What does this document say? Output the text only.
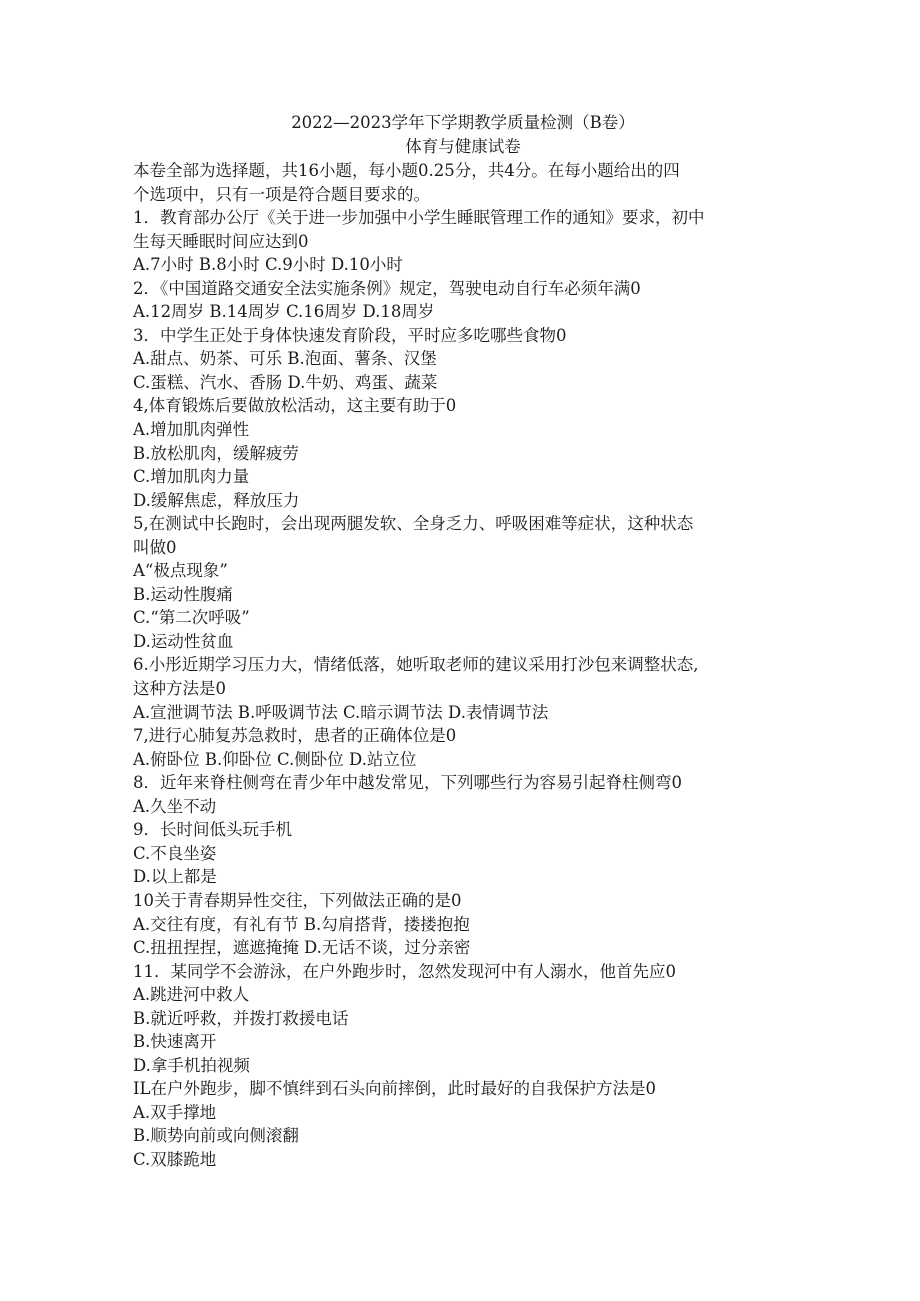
2022—2023学年下学期教学质量检测（B卷）

体育与健康试卷

本卷全部为选择题，共16小题，每小题0.25分，共4分。在每小题给出的四

个选项中，只有一项是符合题目要求的。

1．教育部办公厅《关于进一步加强中小学生睡眠管理工作的通知》要求，初中

生每天睡眠时间应达到0

A.7小时 B.8小时 C.9小时 D.10小时

2．《中国道路交通安全法实施条例》规定，驾驶电动自行车必须年满0

A.12周岁 B.14周岁 C.16周岁 D.18周岁

3．中学生正处于身体快速发育阶段，平时应多吃哪些食物0

A.甜点、奶茶、可乐 B.泡面、薯条、汉堡

C.蛋糕、汽水、香肠 D.牛奶、鸡蛋、蔬菜

4,体育锻炼后要做放松活动，这主要有助于0

A.增加肌肉弹性

B.放松肌肉，缓解疲劳

C.增加肌肉力量

D.缓解焦虑，释放压力

5,在测试中长跑时，会出现两腿发软、全身乏力、呼吸困难等症状，这种状态

叫做0

A“极点现象”

B.运动性腹痛

C.“第二次呼吸”

D.运动性贫血

6.小彤近期学习压力大，情绪低落，她听取老师的建议采用打沙包来调整状态,

这种方法是0

A.宣泄调节法 B.呼吸调节法 C.暗示调节法 D.表情调节法

7,进行心肺复苏急救时，患者的正确体位是0

A.俯卧位 B.仰卧位 C.侧卧位 D.站立位

8．近年来脊柱侧弯在青少年中越发常见，下列哪些行为容易引起脊柱侧弯0

A.久坐不动

9．长时间低头玩手机

C.不良坐姿

D.以上都是

10关于青春期异性交往，下列做法正确的是0

A.交往有度，有礼有节 B.勾肩搭背，搂搂抱抱

C.扭扭捏捏，遮遮掩掩 D.无话不谈，过分亲密

11．某同学不会游泳，在户外跑步时，忽然发现河中有人溺水，他首先应0

A.跳进河中救人

B.就近呼救，并拨打救援电话

B.快速离开

D.拿手机拍视频

IL在户外跑步，脚不慎绊到石头向前摔倒，此时最好的自我保护方法是0

A.双手撑地

B.顺势向前或向侧滚翻

C.双膝跪地
